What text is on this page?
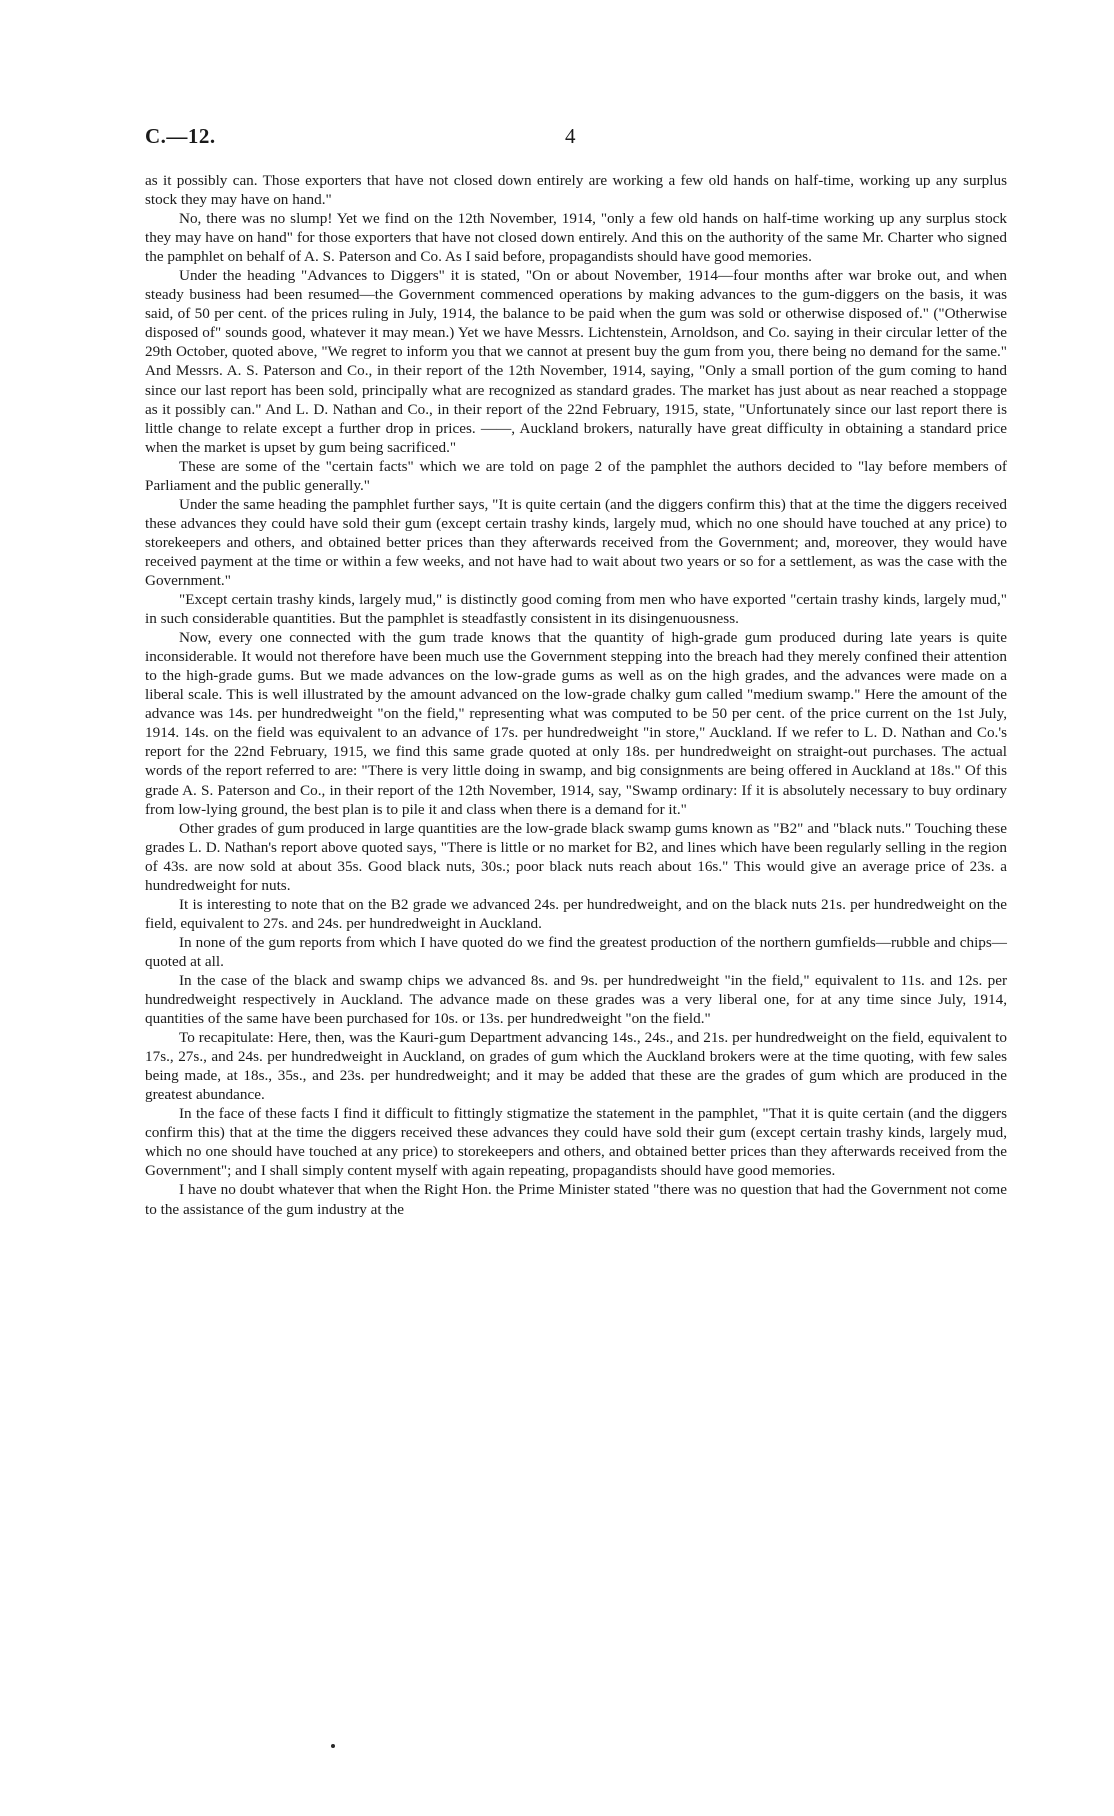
C.—12.	4

as it possibly can. Those exporters that have not closed down entirely are working a few old hands on half-time, working up any surplus stock they may have on hand."

No, there was no slump! Yet we find on the 12th November, 1914, "only a few old hands on half-time working up any surplus stock they may have on hand" for those exporters that have not closed down entirely. And this on the authority of the same Mr. Charter who signed the pamphlet on behalf of A. S. Paterson and Co. As I said before, propagandists should have good memories.

Under the heading "Advances to Diggers" it is stated, "On or about November, 1914—four months after war broke out, and when steady business had been resumed—the Government commenced operations by making advances to the gum-diggers on the basis, it was said, of 50 per cent. of the prices ruling in July, 1914, the balance to be paid when the gum was sold or otherwise disposed of." ("Otherwise disposed of" sounds good, whatever it may mean.) Yet we have Messrs. Lichtenstein, Arnoldson, and Co. saying in their circular letter of the 29th October, quoted above, "We regret to inform you that we cannot at present buy the gum from you, there being no demand for the same." And Messrs. A. S. Paterson and Co., in their report of the 12th November, 1914, saying, "Only a small portion of the gum coming to hand since our last report has been sold, principally what are recognized as standard grades. The market has just about as near reached a stoppage as it possibly can." And L. D. Nathan and Co., in their report of the 22nd February, 1915, state, "Unfortunately since our last report there is little change to relate except a further drop in prices. ——, Auckland brokers, naturally have great difficulty in obtaining a standard price when the market is upset by gum being sacrificed."

These are some of the "certain facts" which we are told on page 2 of the pamphlet the authors decided to "lay before members of Parliament and the public generally."

Under the same heading the pamphlet further says, "It is quite certain (and the diggers confirm this) that at the time the diggers received these advances they could have sold their gum (except certain trashy kinds, largely mud, which no one should have touched at any price) to storekeepers and others, and obtained better prices than they afterwards received from the Government; and, moreover, they would have received payment at the time or within a few weeks, and not have had to wait about two years or so for a settlement, as was the case with the Government."

"Except certain trashy kinds, largely mud," is distinctly good coming from men who have exported "certain trashy kinds, largely mud," in such considerable quantities. But the pamphlet is steadfastly consistent in its disingenuousness.

Now, every one connected with the gum trade knows that the quantity of high-grade gum produced during late years is quite inconsiderable. It would not therefore have been much use the Government stepping into the breach had they merely confined their attention to the high-grade gums. But we made advances on the low-grade gums as well as on the high grades, and the advances were made on a liberal scale. This is well illustrated by the amount advanced on the low-grade chalky gum called "medium swamp." Here the amount of the advance was 14s. per hundredweight "on the field," representing what was computed to be 50 per cent. of the price current on the 1st July, 1914. 14s. on the field was equivalent to an advance of 17s. per hundredweight "in store," Auckland. If we refer to L. D. Nathan and Co.'s report for the 22nd February, 1915, we find this same grade quoted at only 18s. per hundredweight on straight-out purchases. The actual words of the report referred to are: "There is very little doing in swamp, and big consignments are being offered in Auckland at 18s." Of this grade A. S. Paterson and Co., in their report of the 12th November, 1914, say, "Swamp ordinary: If it is absolutely necessary to buy ordinary from low-lying ground, the best plan is to pile it and class when there is a demand for it."

Other grades of gum produced in large quantities are the low-grade black swamp gums known as "B2" and "black nuts." Touching these grades L. D. Nathan's report above quoted says, "There is little or no market for B2, and lines which have been regularly selling in the region of 43s. are now sold at about 35s. Good black nuts, 30s.; poor black nuts reach about 16s." This would give an average price of 23s. a hundredweight for nuts.

It is interesting to note that on the B2 grade we advanced 24s. per hundredweight, and on the black nuts 21s. per hundredweight on the field, equivalent to 27s. and 24s. per hundredweight in Auckland.

In none of the gum reports from which I have quoted do we find the greatest production of the northern gumfields—rubble and chips—quoted at all.

In the case of the black and swamp chips we advanced 8s. and 9s. per hundredweight "in the field," equivalent to 11s. and 12s. per hundredweight respectively in Auckland. The advance made on these grades was a very liberal one, for at any time since July, 1914, quantities of the same have been purchased for 10s. or 13s. per hundredweight "on the field."

To recapitulate: Here, then, was the Kauri-gum Department advancing 14s., 24s., and 21s. per hundredweight on the field, equivalent to 17s., 27s., and 24s. per hundredweight in Auckland, on grades of gum which the Auckland brokers were at the time quoting, with few sales being made, at 18s., 35s., and 23s. per hundredweight; and it may be added that these are the grades of gum which are produced in the greatest abundance.

In the face of these facts I find it difficult to fittingly stigmatize the statement in the pamphlet, "That it is quite certain (and the diggers confirm this) that at the time the diggers received these advances they could have sold their gum (except certain trashy kinds, largely mud, which no one should have touched at any price) to storekeepers and others, and obtained better prices than they afterwards received from the Government"; and I shall simply content myself with again repeating, propagandists should have good memories.

I have no doubt whatever that when the Right Hon. the Prime Minister stated "there was no question that had the Government not come to the assistance of the gum industry at the
